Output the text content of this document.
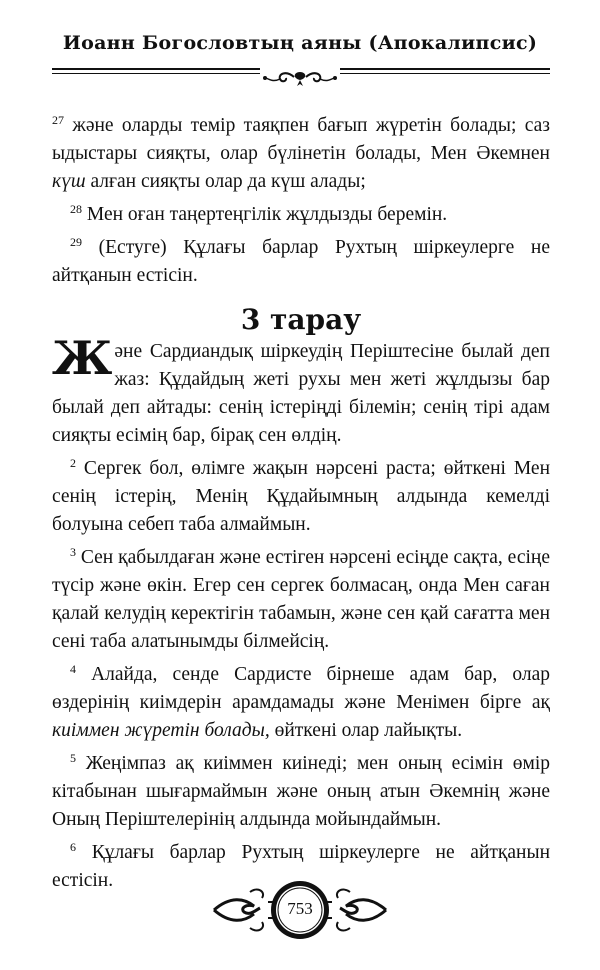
Иоанн Богословтың аяны (Апокалипсис)

$^{27}$ және оларды темір таяқпен бағып жүретін болады; саз ыдыстары сияқты, олар бүлінетін болады, Мен Әкемнен күш алған сияқты олар да күш алады;

$^{28}$ Мен оған таңертеңгілік жұлдызды беремін.

$^{29}$ (Естуге) Құлағы барлар Рухтың шіркеулерге не айтқанын естісін.

3 тарау

Және Сардиандық шіркеудің Періштесіне былай деп жаз: Құдайдың жеті рухы мен жеті жұлдызы бар былай деп айтады: сенің істеріңді білемін; сенің тірі адам сияқты есімің бар, бірақ сен өлдің.

$^2$ Сергек бол, өлімге жақын нәрсені раста; өйткені Мен сенің істерің, Менің Құдайымның алдында кемелді болуына себеп таба алмаймын.

$^3$ Сен қабылдаған және естіген нәрсені есіңде сақта, есіңе түсір және өкін. Егер сен сергек болмасаң, онда Мен саған қалай келудің керектігін табамын, және сен қай сағатта мен сені таба алатынымды білмейсің.

$^4$ Алайда, сенде Сардисте бірнеше адам бар, олар өздерінің киімдерін арамдамады және Менімен бірге ақ киіммен жүретін болады, өйткені олар лайықты.

$^5$ Жеңімпаз ақ киіммен киінеді; мен оның есімін өмір кітабынан шығармаймын және оның атын Әкемнің және Оның Періштелерінің алдында мойындаймын.

$^6$ Құлағы барлар Рухтың шіркеулерге не айтқанын естісін.

753
